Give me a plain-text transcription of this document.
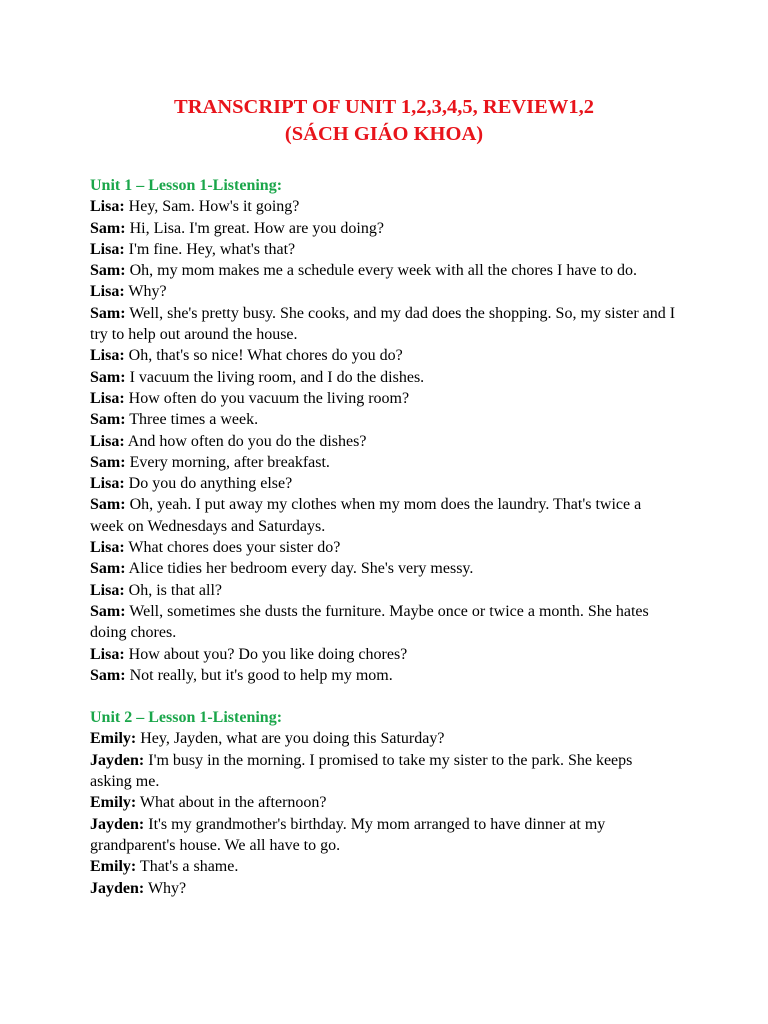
TRANSCRIPT OF UNIT 1,2,3,4,5, REVIEW1,2
(SÁCH GIÁO KHOA)
Unit 1 – Lesson 1-Listening:
Lisa: Hey, Sam. How's it going?
Sam: Hi, Lisa. I'm great. How are you doing?
Lisa: I'm fine. Hey, what's that?
Sam: Oh, my mom makes me a schedule every week with all the chores I have to do.
Lisa: Why?
Sam: Well, she's pretty busy. She cooks, and my dad does the shopping. So, my sister and I try to help out around the house.
Lisa: Oh, that's so nice! What chores do you do?
Sam: I vacuum the living room, and I do the dishes.
Lisa: How often do you vacuum the living room?
Sam: Three times a week.
Lisa: And how often do you do the dishes?
Sam: Every morning, after breakfast.
Lisa: Do you do anything else?
Sam: Oh, yeah. I put away my clothes when my mom does the laundry. That's twice a week on Wednesdays and Saturdays.
Lisa: What chores does your sister do?
Sam: Alice tidies her bedroom every day. She's very messy.
Lisa: Oh, is that all?
Sam: Well, sometimes she dusts the furniture. Maybe once or twice a month. She hates doing chores.
Lisa: How about you? Do you like doing chores?
Sam: Not really, but it's good to help my mom.
Unit 2 – Lesson 1-Listening:
Emily: Hey, Jayden, what are you doing this Saturday?
Jayden: I'm busy in the morning. I promised to take my sister to the park. She keeps asking me.
Emily: What about in the afternoon?
Jayden: It's my grandmother's birthday. My mom arranged to have dinner at my grandparent's house. We all have to go.
Emily: That's a shame.
Jayden: Why?
